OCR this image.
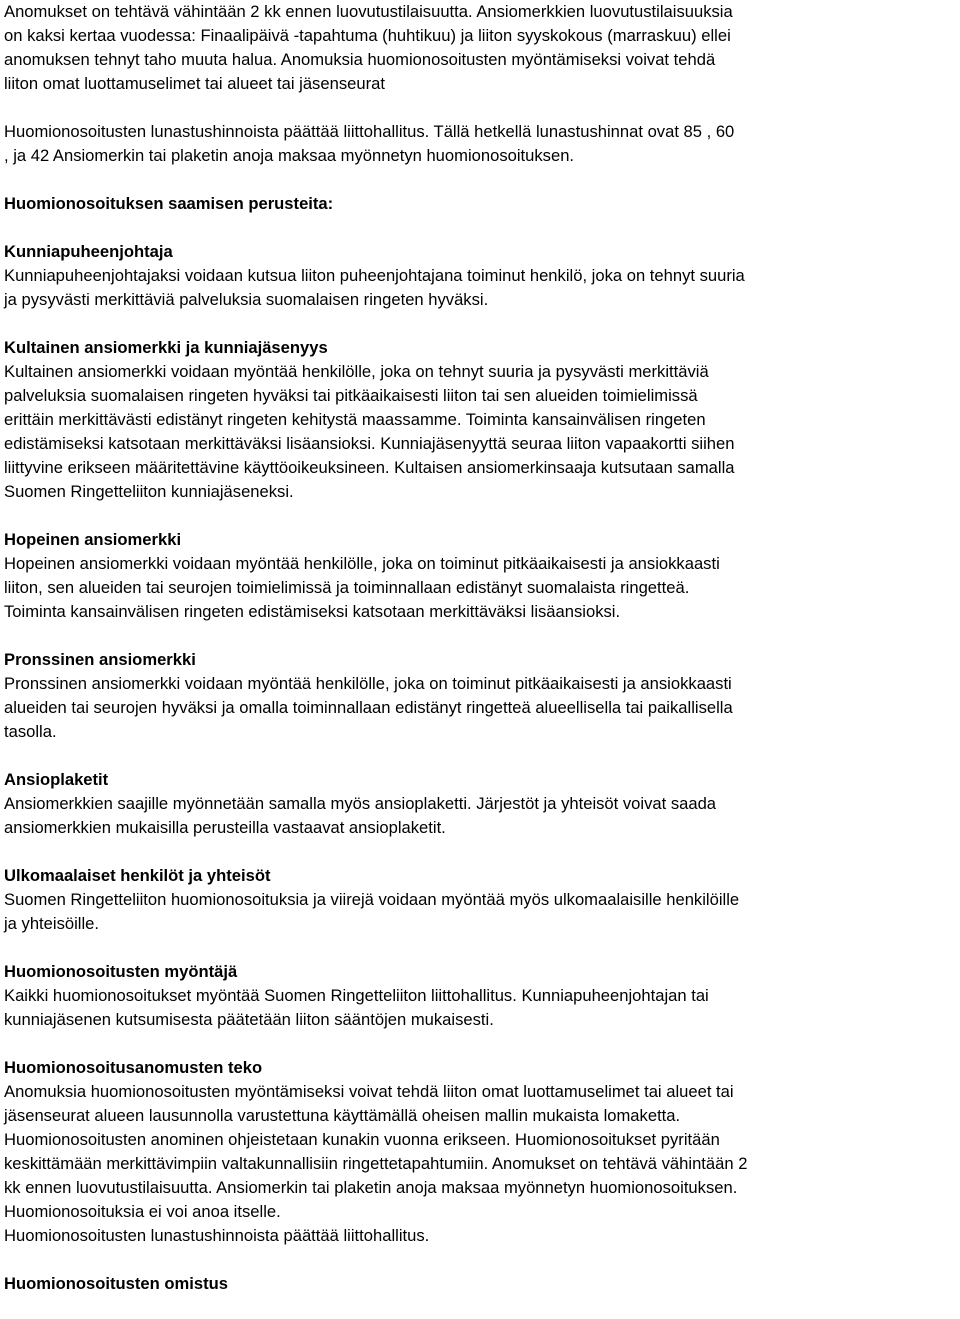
Anomukset on tehtävä vähintään 2 kk ennen luovutustilaisuutta. Ansiomerkkien luovutustilaisuuksia
on kaksi kertaa vuodessa: Finaalipäivä -tapahtuma (huhtikuu) ja liiton syyskokous (marraskuu) ellei
anomuksen tehnyt taho muuta halua. Anomuksia huomionosoitusten myöntämiseksi voivat tehdä
liiton omat luottamuselimet tai alueet tai jäsenseurat

Huomionosoitusten lunastushinnoista päättää liittohallitus. Tällä hetkellä lunastushinnat ovat 85 , 60
, ja 42 Ansiomerkin tai plaketin anoja maksaa myönnetyn huomionosoituksen.

Huomionosoituksen saamisen perusteita:

Kunniapuheenjohtaja

Kunniapuheenjohtajaksi voidaan kutsua liiton puheenjohtajana toiminut henkilö, joka on tehnyt suuria
ja pysyvästi merkittäviä palveluksia suomalaisen ringeten hyväksi.

Kultainen ansiomerkki ja kunniajäsenyys

Kultainen ansiomerkki voidaan myöntää henkilölle, joka on tehnyt suuria ja pysyvästi merkittäviä
palveluksia suomalaisen ringeten hyväksi tai pitkäaikaisesti liiton tai sen alueiden toimielimissä
erittäin merkittävästi edistänyt ringeten kehitystä maassamme. Toiminta kansainvälisen ringeten
edistämiseksi katsotaan merkittäväksi lisäansioksi. Kunniajäsenyyttä seuraa liiton vapaakortti siihen
liittyvine erikseen määritettävine käyttöoikeuksineen. Kultaisen ansiomerkinsaaja kutsutaan samalla
Suomen Ringetteliiton kunniajäseneksi.

Hopeinen ansiomerkki

Hopeinen ansiomerkki voidaan myöntää henkilölle, joka on toiminut pitkäaikaisesti ja ansiokkaasti
liiton, sen alueiden tai seurojen toimielimissä ja toiminnallaan edistänyt suomalaista ringetteä.
Toiminta kansainvälisen ringeten edistämiseksi katsotaan merkittäväksi lisäansioksi.

Pronssinen ansiomerkki

Pronssinen ansiomerkki voidaan myöntää henkilölle, joka on toiminut pitkäaikaisesti ja ansiokkaasti
alueiden tai seurojen hyväksi ja omalla toiminnallaan edistänyt ringetteä alueellisella tai paikallisella
tasolla.

Ansioplaketit

Ansiomerkkien saajille myönnetään samalla myös ansioplaketti. Järjestöt ja yhteisöt voivat saada
ansiomerkkien mukaisilla perusteilla vastaavat ansioplaketit.

Ulkomaalaiset henkilöt ja yhteisöt

Suomen Ringetteliiton huomionosoituksia ja viirejä voidaan myöntää myös ulkomaalaisille henkilöille
ja yhteisöille.

Huomionosoitusten myöntäjä

Kaikki huomionosoitukset myöntää Suomen Ringetteliiton liittohallitus. Kunniapuheenjohtajan tai
kunniajäsenen kutsumisesta päätetään liiton sääntöjen mukaisesti.

Huomionosoitusanomusten teko

Anomuksia huomionosoitusten myöntämiseksi voivat tehdä liiton omat luottamuselimet tai alueet tai
jäsenseurat alueen lausunnolla varustettuna käyttämällä oheisen mallin mukaista lomaketta.
Huomionosoitusten anominen ohjeistetaan kunakin vuonna erikseen. Huomionosoitukset pyritään
keskittämään merkittävimpiin valtakunnallisiin ringettetapahtumiin. Anomukset on tehtävä vähintään 2
kk ennen luovutustilaisuutta. Ansiomerkin tai plaketin anoja maksaa myönnetyn huomionosoituksen.
Huomionosoituksia ei voi anoa itselle.
Huomionosoitusten lunastushinnoista päättää liittohallitus.

Huomionosoitusten omistus
